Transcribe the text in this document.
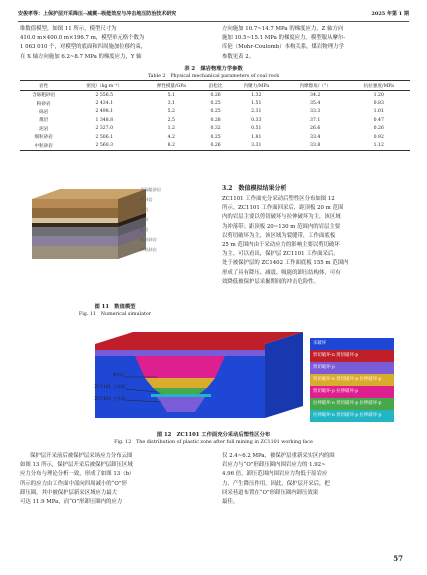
安俊孝等：上保护层开采降压--减震--吸能效应与冲击地压防治技术研究	2025 年第 1 期

维数值模型，如图 11 所示，模型尺寸为

410.0 m×400.0 m×196.7 m，模型单元格个数为

1 063 010 个，对模型的底面和四周施加位移约束，

在 X 轴方向施加 6.2~8.7 MPa 的梯度应力，Y 轴

方向施加 10.7~14.7 MPa 的梯度应力，Z 轴方向

施加 10.5~15.1 MPa 的梯度应力。模型服从摩尔-

库伦（Mohr-Coulomb）本构关系，煤岩物理力学

参数见表 2。

表 2　煤岩物理力学参数
Table 2　Physical mechanical parameters of coal rock
岩性	密度/（kg·m⁻³）	弹性模量/GPa	泊松比	内聚力/MPa	内摩擦角/（°）	抗拉强度/MPa
含砾粗砂岩	2 556.5	5.1	0.26	1.32	34.2	1.20
粉砂岩	2 434.1	3.1	0.25	1.51	35.4	0.83
砾岩	2 498.1	5.2	0.25	2.31	33.3	1.01
煤层	1 348.8	2.5	0.28	0.33	37.1	0.47
泥岩	2 327.0	1.2	0.32	0.51	26.6	0.26
细粒砂岩	2 506.1	4.2	0.25	1.81	33.4	0.92
中粒砂岩	2 560.3	8.2	0.26	3.31	33.8	1.12
含砾粗砂岩
粉砂岩
砾岩
煤层
泥岩
细粒砂岩
中粒砂岩
图 11　数值模型
Fig. 11　Numerical simulator
3.2　数值模拟结果分析

ZC1101 工作面充分采动后塑性区分布如图 12

所示。ZC1101 工作面回采后，距顶板 20 m 范围

内的岩层主要以剪切破坏与拉伸破坏为主，该区域

为冲落带；距顶板 20~130 m 范围内的岩层主要

以剪切破坏为主，该区域为裂缝带，工作面底板

25 m 范围内由于采动应力的影响主要以剪切破坏

为主。可以看出，保护层 ZC1101 工作面采后，

处于被保护层的 ZC1402 工作面底板 155 m 范围内

形成了具有降压、减震、吸能的卸压结构体，可有

效降低被保护层采掘期间的冲击危险性。

剪切区
ZC1101 工作面
ZC1402 工作面
未破坏
剪切破坏-n 剪切破坏-p
剪切破坏-p
剪切破坏-n 剪切破坏-p 拉伸破坏-p
剪切破坏-p 拉伸破坏-p
拉伸破坏-n 剪切破坏-p 拉伸破坏-p
拉伸破坏-n 剪切破坏-p 拉伸破坏-p
图 12　ZC1101 工作面充分采动后塑性区分布
Fig. 12　The distribution of plastic zone after full mining in ZC1101 working face

保护层开采前后被保护层采场应力分布云图

如图 13 所示，保护层开采后被保护层卸压区域

应力分布与理论分析一致，形成了如图 13（b）

所示的应力由工作面中部向四周减小的“O”形

卸压圈，其中被保护层新采区域应力最大

可达 11.9 MPa，而“O”形卸压圈内的应力

仅 2.4~6.2 MPa，被保护层重新采实区内的围

岩应力与“O”形卸压圈内围岩应力的 1.92~

4.96 倍，卸压范围内围岩应力均低于原岩应

力，产生降压作用。因此，保护层开采后，把

回采巷道布置在“O”形卸压圈内卸压效果

最佳。

57
